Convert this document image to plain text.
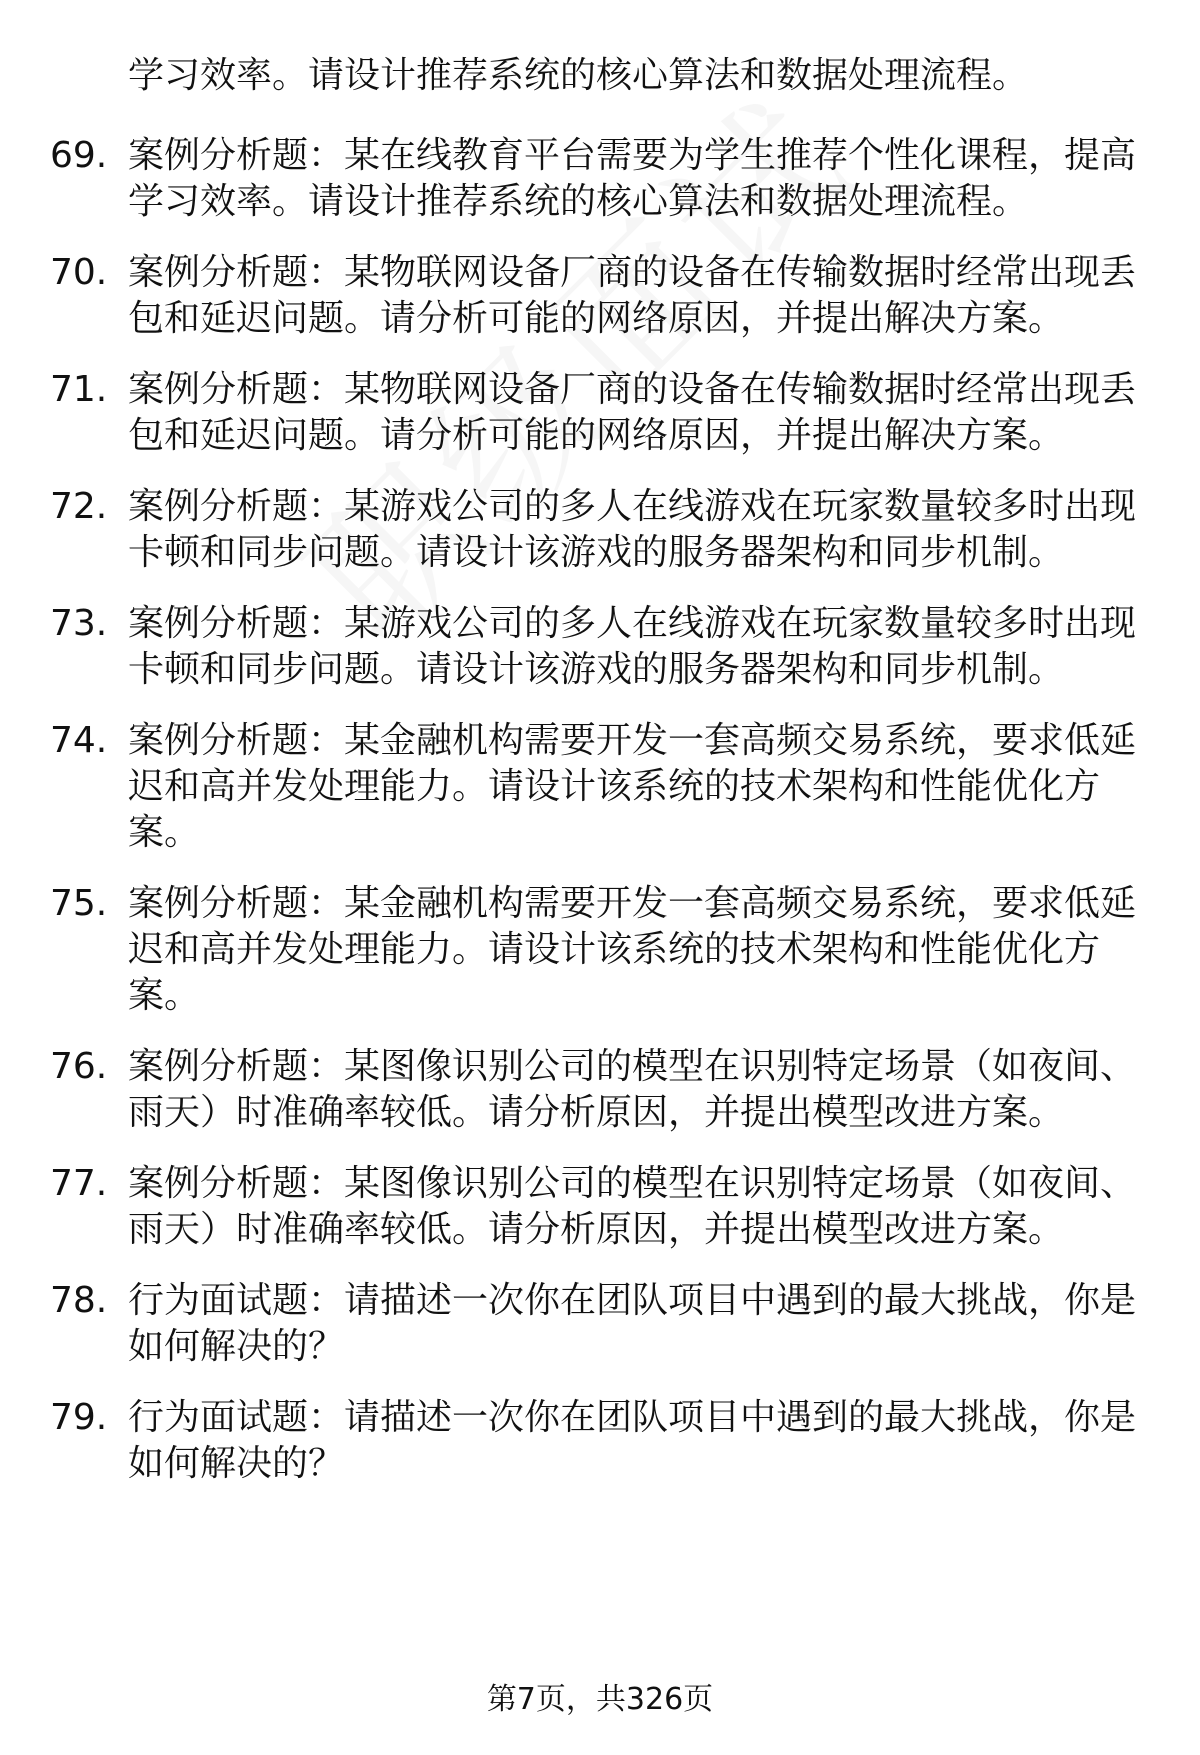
学习效率。请设计推荐系统的核心算法和数据处理流程。
69. 案例分析题：某在线教育平台需要为学生推荐个性化课程，提高
学习效率。请设计推荐系统的核心算法和数据处理流程。
70. 案例分析题：某物联网设备厂商的设备在传输数据时经常出现丢
包和延迟问题。请分析可能的网络原因，并提出解决方案。
71. 案例分析题：某物联网设备厂商的设备在传输数据时经常出现丢
包和延迟问题。请分析可能的网络原因，并提出解决方案。
72. 案例分析题：某游戏公司的多人在线游戏在玩家数量较多时出现
卡顿和同步问题。请设计该游戏的服务器架构和同步机制。
73. 案例分析题：某游戏公司的多人在线游戏在玩家数量较多时出现
卡顿和同步问题。请设计该游戏的服务器架构和同步机制。
74. 案例分析题：某金融机构需要开发一套高频交易系统，要求低延
迟和高并发处理能力。请设计该系统的技术架构和性能优化方
案。
75. 案例分析题：某金融机构需要开发一套高频交易系统，要求低延
迟和高并发处理能力。请设计该系统的技术架构和性能优化方
案。
76. 案例分析题：某图像识别公司的模型在识别特定场景（如夜间、
雨天）时准确率较低。请分析原因，并提出模型改进方案。
77. 案例分析题：某图像识别公司的模型在识别特定场景（如夜间、
雨天）时准确率较低。请分析原因，并提出模型改进方案。
78. 行为面试题：请描述一次你在团队项目中遇到的最大挑战，你是
如何解决的？
79. 行为面试题：请描述一次你在团队项目中遇到的最大挑战，你是
如何解决的？
第7页，共326页
